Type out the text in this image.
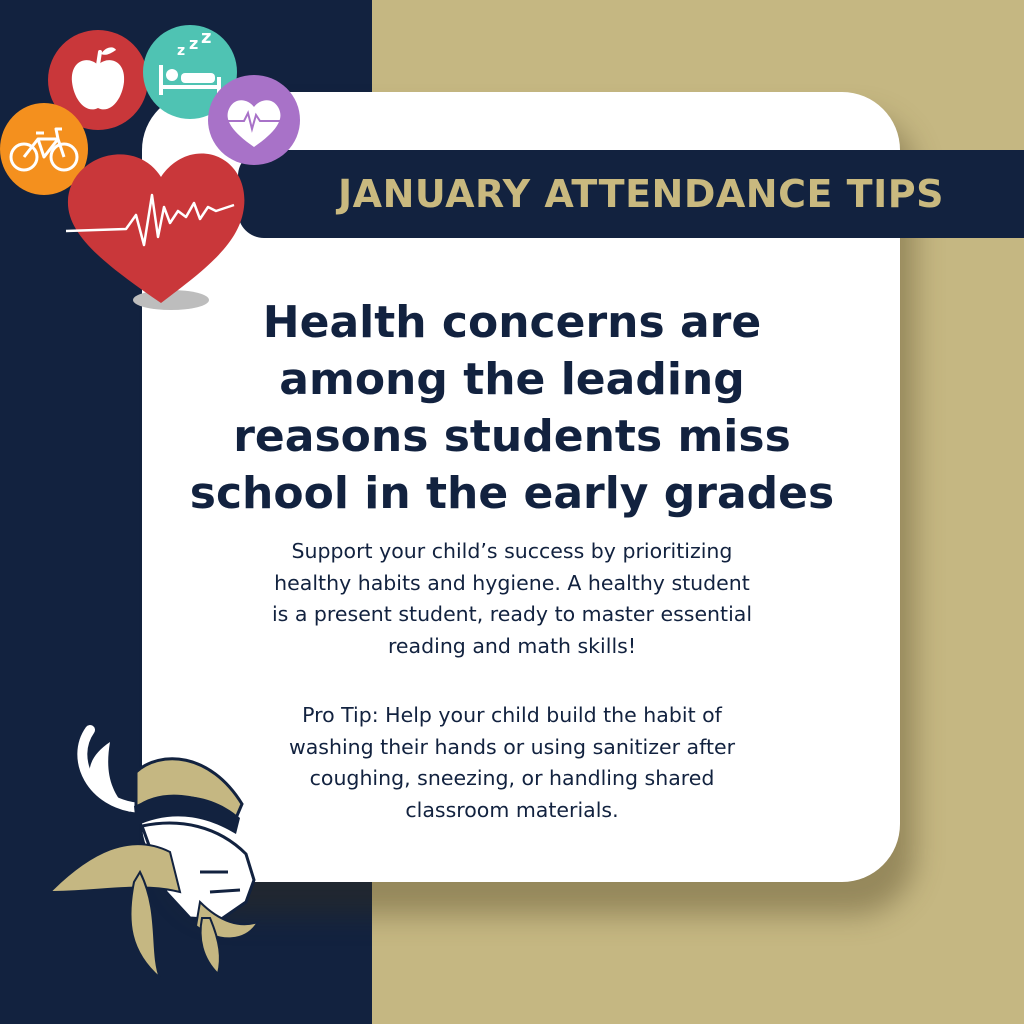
JANUARY ATTENDANCE TIPS
z z z
Health concerns are
among the leading
reasons students miss
school in the early grades
Support your child’s success by prioritizing
healthy habits and hygiene. A healthy student
is a present student, ready to master essential
reading and math skills!
Pro Tip: Help your child build the habit of
washing their hands or using sanitizer after
coughing, sneezing, or handling shared
classroom materials.
